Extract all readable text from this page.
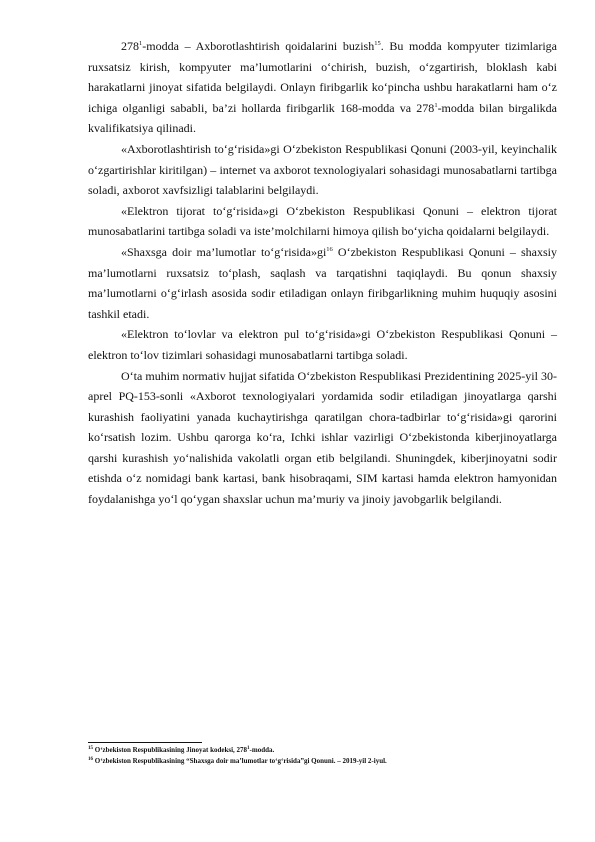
$278^1$-modda – Axborotlashtirish qoidalarini buzish$^{15}$. Bu modda kompyuter tizimlariga ruxsatsiz kirish, kompyuter ma’lumotlarini o‘chirish, buzish, o‘zgartirish, bloklash kabi harakatlarni jinoyat sifatida belgilaydi. Onlayn firibgarlik ko‘pincha ushbu harakatlarni ham o‘z ichiga olganligi sababli, ba’zi hollarda firibgarlik 168-modda va $278^1$-modda bilan birgalikda kvalifikatsiya qilinadi.

«Axborotlashtirish to‘g‘risida»gi O‘zbekiston Respublikasi Qonuni (2003-yil, keyinchalik o‘zgartirishlar kiritilgan) – internet va axborot texnologiyalari sohasidagi munosabatlarni tartibga soladi, axborot xavfsizligi talablarini belgilaydi.

«Elektron tijorat to‘g‘risida»gi O‘zbekiston Respublikasi Qonuni – elektron tijorat munosabatlarini tartibga soladi va iste’molchilarni himoya qilish bo‘yicha qoidalarni belgilaydi.

«Shaxsga doir ma’lumotlar $to‘g‘risida»gi^{16}$ O‘zbekiston Respublikasi Qonuni – shaxsiy ma’lumotlarni ruxsatsiz to‘plash, saqlash va tarqatishni taqiqlaydi. Bu qonun shaxsiy ma’lumotlarni o‘g‘irlash asosida sodir etiladigan onlayn firibgarlikning muhim huquqiy asosini tashkil etadi.

«Elektron to‘lovlar va elektron pul to‘g‘risida»gi O‘zbekiston Respublikasi Qonuni – elektron to‘lov tizimlari sohasidagi munosabatlarni tartibga soladi.

O‘ta muhim normativ hujjat sifatida O‘zbekiston Respublikasi Prezidentining 2025-yil 30-aprel PQ-153-sonli «Axborot texnologiyalari yordamida sodir etiladigan jinoyatlarga qarshi kurashish faoliyatini yanada kuchaytirishga qaratilgan chora-tadbirlar to‘g‘risida»gi qarorini ko‘rsatish lozim. Ushbu qarorga ko‘ra, Ichki ishlar vazirligi O‘zbekistonda kiberjinoyatlarga qarshi kurashish yo‘nalishida vakolatli organ etib belgilandi. Shuningdek, kiberjinoyatni sodir etishda o‘z nomidagi bank kartasi, bank hisobraqami, SIM kartasi hamda elektron hamyonidan foydalanishga yo‘l qo‘ygan shaxslar uchun ma’muriy va jinoiy javobgarlik belgilandi.

$^{15}$ O‘zbekiston Respublikasining Jinoyat kodeksi, $278^1$-modda.

$^{16}$ O‘zbekiston Respublikasining “Shaxsga doir ma’lumotlar to‘g‘risida”gi Qonuni. – 2019-yil 2-iyul.
